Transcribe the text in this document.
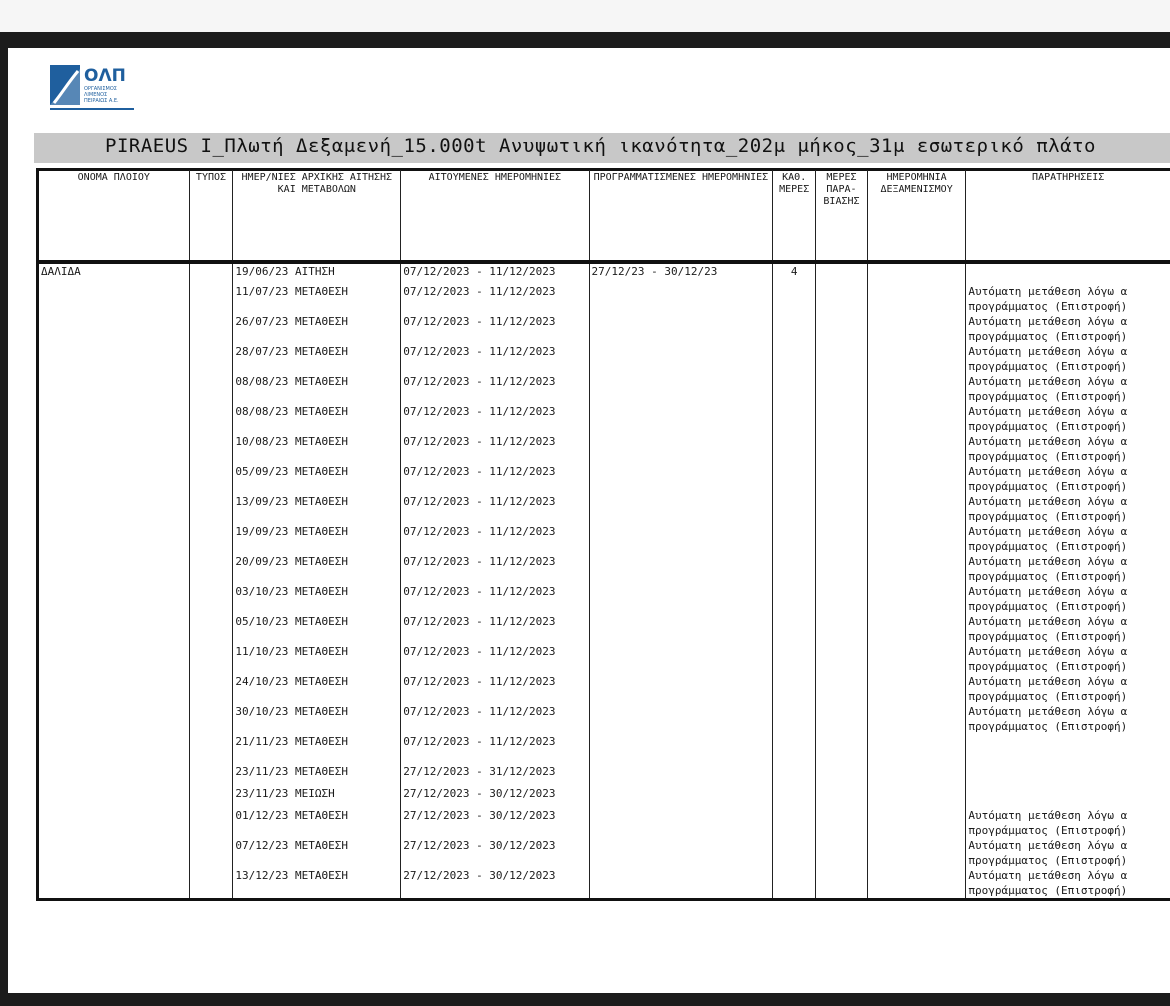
ΟΛΠ
ΟΡΓΑΝΙΣΜΟΣ
ΛΙΜΕΝΟΣ
ΠΕΙΡΑΙΩΣ Α.Ε.
PIRAEUS I_Πλωτή Δεξαμενή_15.000t Ανυψωτική ικανότητα_202μ μήκος_31μ εσωτερικό πλάτο
ΟΝΟΜΑ ΠΛΟΙΟΥ	ΤΥΠΟΣ	ΗΜΕΡ/ΝΙΕΣ ΑΡΧΙΚΗΣ ΑΙΤΗΣΗΣ ΚΑΙ ΜΕΤΑΒΟΛΩΝ	ΑΙΤΟΥΜΕΝΕΣ ΗΜΕΡΟΜΗΝΙΕΣ	ΠΡΟΓΡΑΜΜΑΤΙΣΜΕΝΕΣ ΗΜΕΡΟΜΗΝΙΕΣ	ΚΑΘ. ΜΕΡΕΣ	ΜΕΡΕΣ ΠΑΡΑ- ΒΙΑΣΗΣ	ΗΜΕΡΟΜΗΝΙΑ ΔΕΞΑΜΕΝΙΣΜΟΥ	ΠΑΡΑΤΗΡΗΣΕΙΣ
ΔΑΛΙΔΑ		19/06/23 ΑΙΤΗΣΗ	07/12/2023 - 11/12/2023	27/12/23 - 30/12/23	4			
		11/07/23 ΜΕΤΑΘΕΣΗ	07/12/2023 - 11/12/2023					Αυτόματη μετάθεση λόγω α
προγράμματος (Επιστροφή)

		26/07/23 ΜΕΤΑΘΕΣΗ	07/12/2023 - 11/12/2023					Αυτόματη μετάθεση λόγω α
προγράμματος (Επιστροφή)

		28/07/23 ΜΕΤΑΘΕΣΗ	07/12/2023 - 11/12/2023					Αυτόματη μετάθεση λόγω α
προγράμματος (Επιστροφή)

		08/08/23 ΜΕΤΑΘΕΣΗ	07/12/2023 - 11/12/2023					Αυτόματη μετάθεση λόγω α
προγράμματος (Επιστροφή)

		08/08/23 ΜΕΤΑΘΕΣΗ	07/12/2023 - 11/12/2023					Αυτόματη μετάθεση λόγω α
προγράμματος (Επιστροφή)

		10/08/23 ΜΕΤΑΘΕΣΗ	07/12/2023 - 11/12/2023					Αυτόματη μετάθεση λόγω α
προγράμματος (Επιστροφή)

		05/09/23 ΜΕΤΑΘΕΣΗ	07/12/2023 - 11/12/2023					Αυτόματη μετάθεση λόγω α
προγράμματος (Επιστροφή)

		13/09/23 ΜΕΤΑΘΕΣΗ	07/12/2023 - 11/12/2023					Αυτόματη μετάθεση λόγω α
προγράμματος (Επιστροφή)

		19/09/23 ΜΕΤΑΘΕΣΗ	07/12/2023 - 11/12/2023					Αυτόματη μετάθεση λόγω α
προγράμματος (Επιστροφή)

		20/09/23 ΜΕΤΑΘΕΣΗ	07/12/2023 - 11/12/2023					Αυτόματη μετάθεση λόγω α
προγράμματος (Επιστροφή)

		03/10/23 ΜΕΤΑΘΕΣΗ	07/12/2023 - 11/12/2023					Αυτόματη μετάθεση λόγω α
προγράμματος (Επιστροφή)

		05/10/23 ΜΕΤΑΘΕΣΗ	07/12/2023 - 11/12/2023					Αυτόματη μετάθεση λόγω α
προγράμματος (Επιστροφή)

		11/10/23 ΜΕΤΑΘΕΣΗ	07/12/2023 - 11/12/2023					Αυτόματη μετάθεση λόγω α
προγράμματος (Επιστροφή)

		24/10/23 ΜΕΤΑΘΕΣΗ	07/12/2023 - 11/12/2023					Αυτόματη μετάθεση λόγω α
προγράμματος (Επιστροφή)

		30/10/23 ΜΕΤΑΘΕΣΗ	07/12/2023 - 11/12/2023					Αυτόματη μετάθεση λόγω α
προγράμματος (Επιστροφή)

		21/11/23 ΜΕΤΑΘΕΣΗ	07/12/2023 - 11/12/2023					
		23/11/23 ΜΕΤΑΘΕΣΗ	27/12/2023 - 31/12/2023					
		23/11/23 ΜΕΙΩΣΗ	27/12/2023 - 30/12/2023					
		01/12/23 ΜΕΤΑΘΕΣΗ	27/12/2023 - 30/12/2023					Αυτόματη μετάθεση λόγω α
προγράμματος (Επιστροφή)

		07/12/23 ΜΕΤΑΘΕΣΗ	27/12/2023 - 30/12/2023					Αυτόματη μετάθεση λόγω α
προγράμματος (Επιστροφή)

		13/12/23 ΜΕΤΑΘΕΣΗ	27/12/2023 - 30/12/2023					Αυτόματη μετάθεση λόγω α
προγράμματος (Επιστροφή)
